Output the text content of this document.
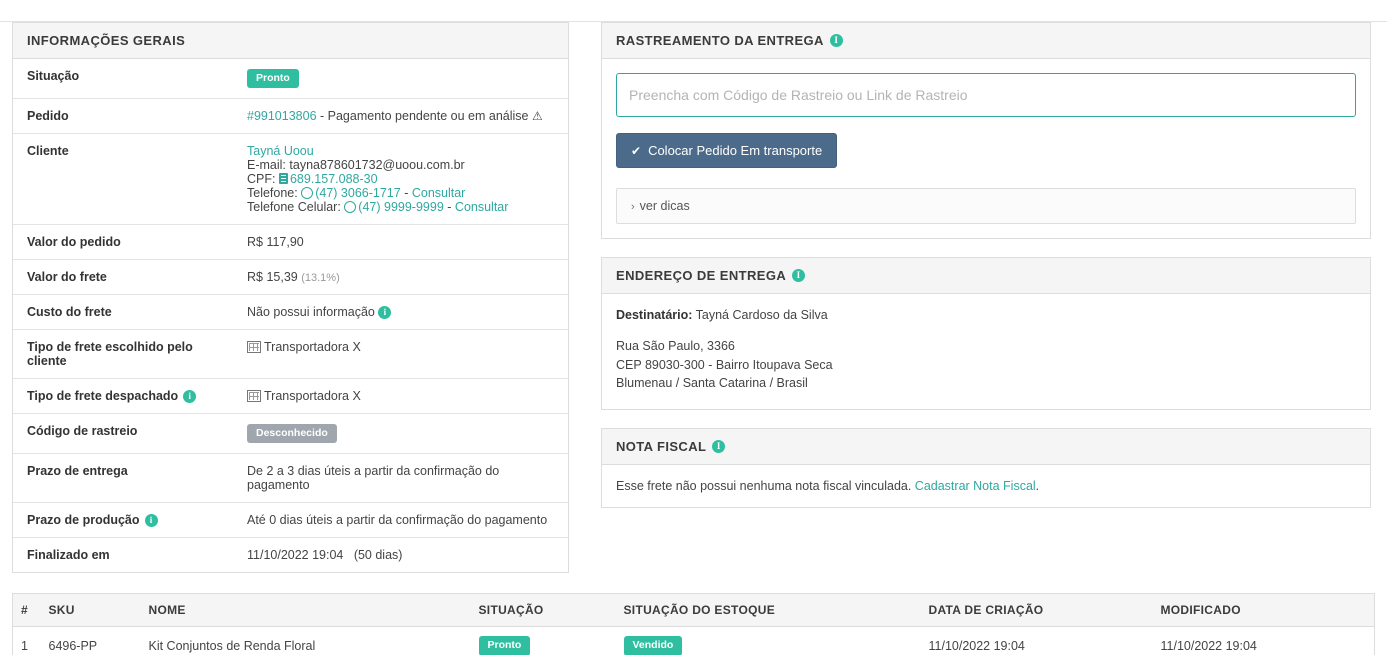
INFORMAÇÕES GERAIS
Situação	Pronto
Pedido	#991013806 - Pagamento pendente ou em análise ⚠
Cliente	Tayná Uoou
E-mail: tayna878601732@uoou.com.br
CPF: 689.157.088-30
Telefone: (47) 3066-1717 - Consultar
Telefone Celular: (47) 9999-9999 - Consultar

Valor do pedido	R$ 117,90
Valor do frete	R$ 15,39 (13.1%)
Custo do frete	Não possui informação i
Tipo de frete escolhido pelo cliente	Transportadora X

Tipo de frete despachado i	Transportadora X
Código de rastreio	Desconhecido
Prazo de entrega	De 2 a 3 dias úteis a partir da confirmação do pagamento

Prazo de produção i	Até 0 dias úteis a partir da confirmação do pagamento
Finalizado em	11/10/2022 19:04 (50 dias)
RASTREAMENTO DA ENTREGA	I
Preencha com Código de Rastreio ou Link de Rastreio
✔ Colocar Pedido Em transporte
› ver dicas
ENDEREÇO DE ENTREGA	I
Destinatário: Tayná Cardoso da Silva
Rua São Paulo, 3366
CEP 89030-300 - Bairro Itoupava Seca
Blumenau / Santa Catarina / Brasil
NOTA FISCAL	I
Esse frete não possui nenhuma nota fiscal vinculada. Cadastrar Nota Fiscal.
#	SKU	NOME	SITUAÇÃO	SITUAÇÃO DO ESTOQUE	DATA DE CRIAÇÃO	MODIFICADO
1	6496-PP	Kit Conjuntos de Renda Floral	Pronto	Vendido	11/10/2022 19:04	11/10/2022 19:04
